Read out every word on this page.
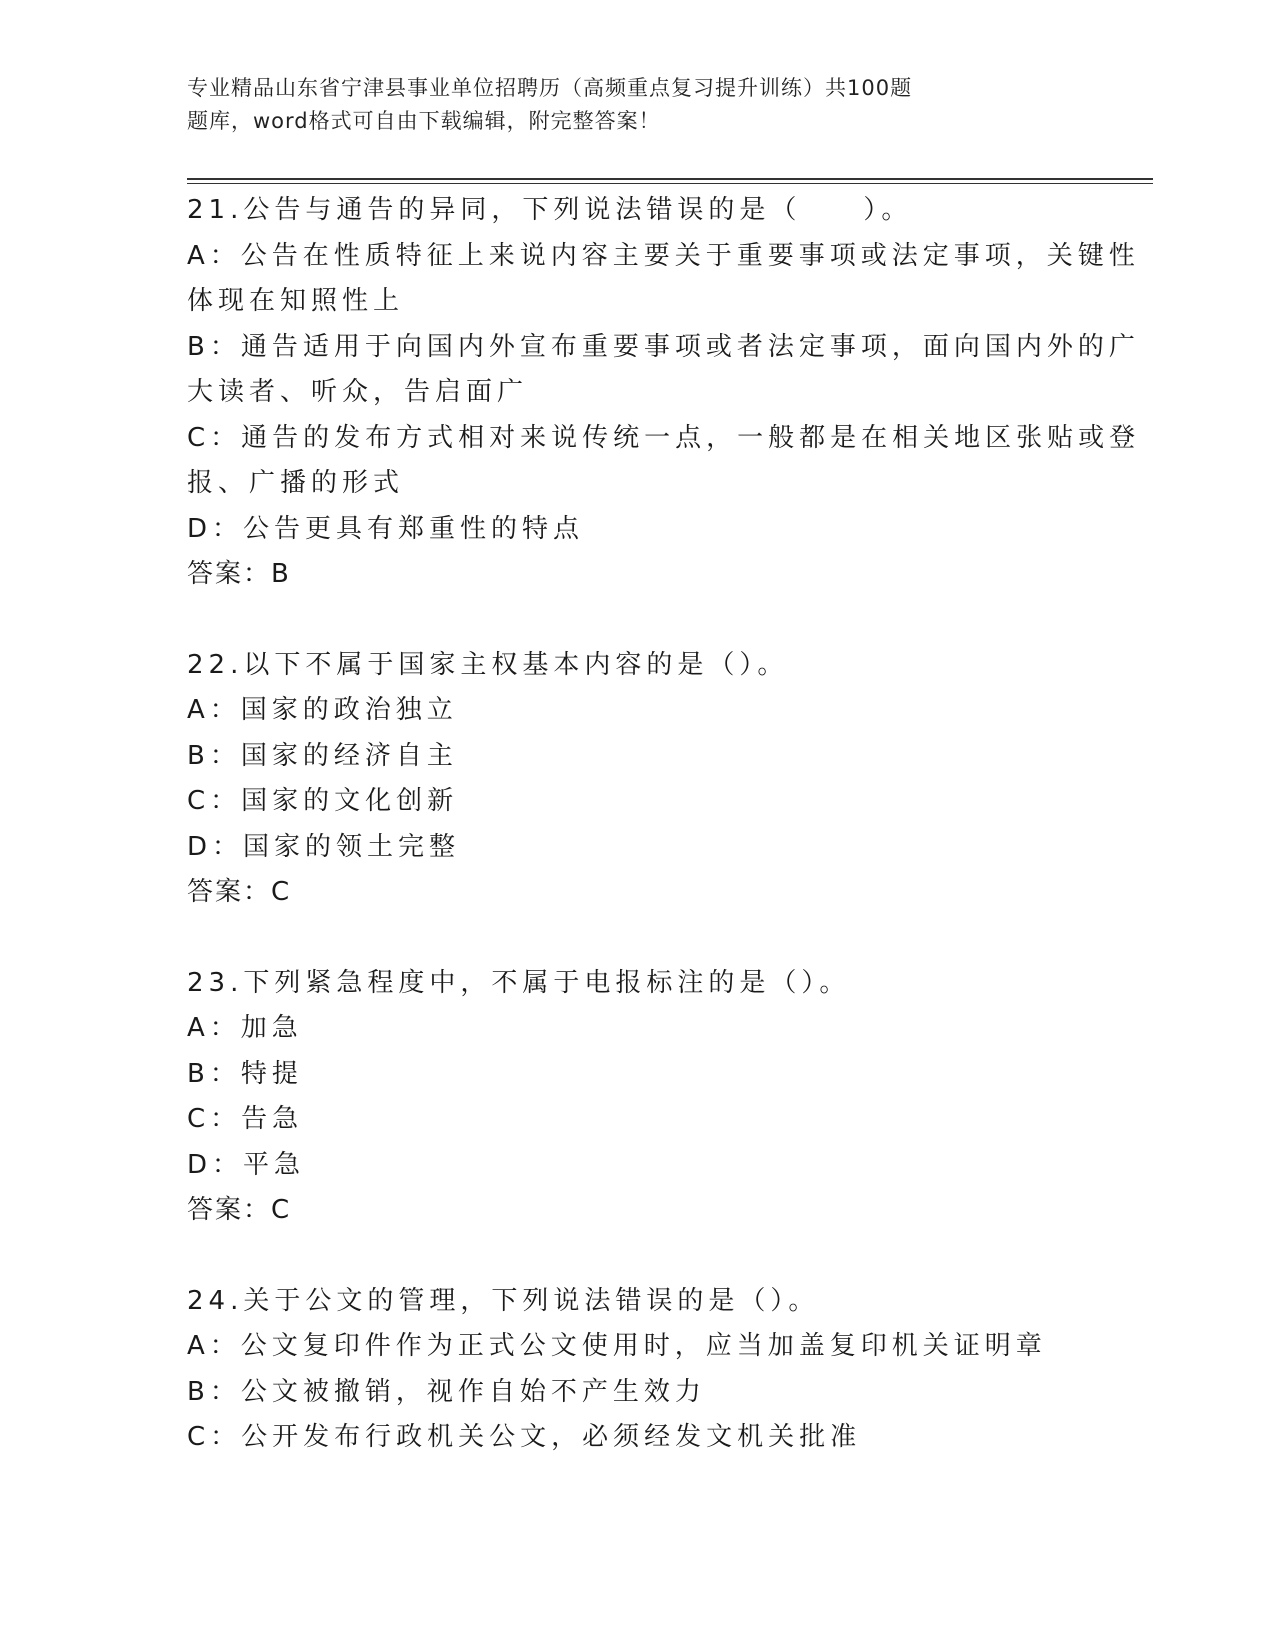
专业精品山东省宁津县事业单位招聘历（高频重点复习提升训练）共100题
题库，word格式可自由下载编辑，附完整答案！
21.公告与通告的异同，下列说法错误的是（　　）。
A：公告在性质特征上来说内容主要关于重要事项或法定事项，关键性
体现在知照性上
B：通告适用于向国内外宣布重要事项或者法定事项，面向国内外的广
大读者、听众，告启面广
C：通告的发布方式相对来说传统一点，一般都是在相关地区张贴或登
报、广播的形式
D：公告更具有郑重性的特点
答案：B
22.以下不属于国家主权基本内容的是（）。
A：国家的政治独立
B：国家的经济自主
C：国家的文化创新
D：国家的领土完整
答案：C
23.下列紧急程度中，不属于电报标注的是（）。
A：加急
B：特提
C：告急
D：平急
答案：C
24.关于公文的管理，下列说法错误的是（）。
A：公文复印件作为正式公文使用时，应当加盖复印机关证明章
B：公文被撤销，视作自始不产生效力
C：公开发布行政机关公文，必须经发文机关批准
